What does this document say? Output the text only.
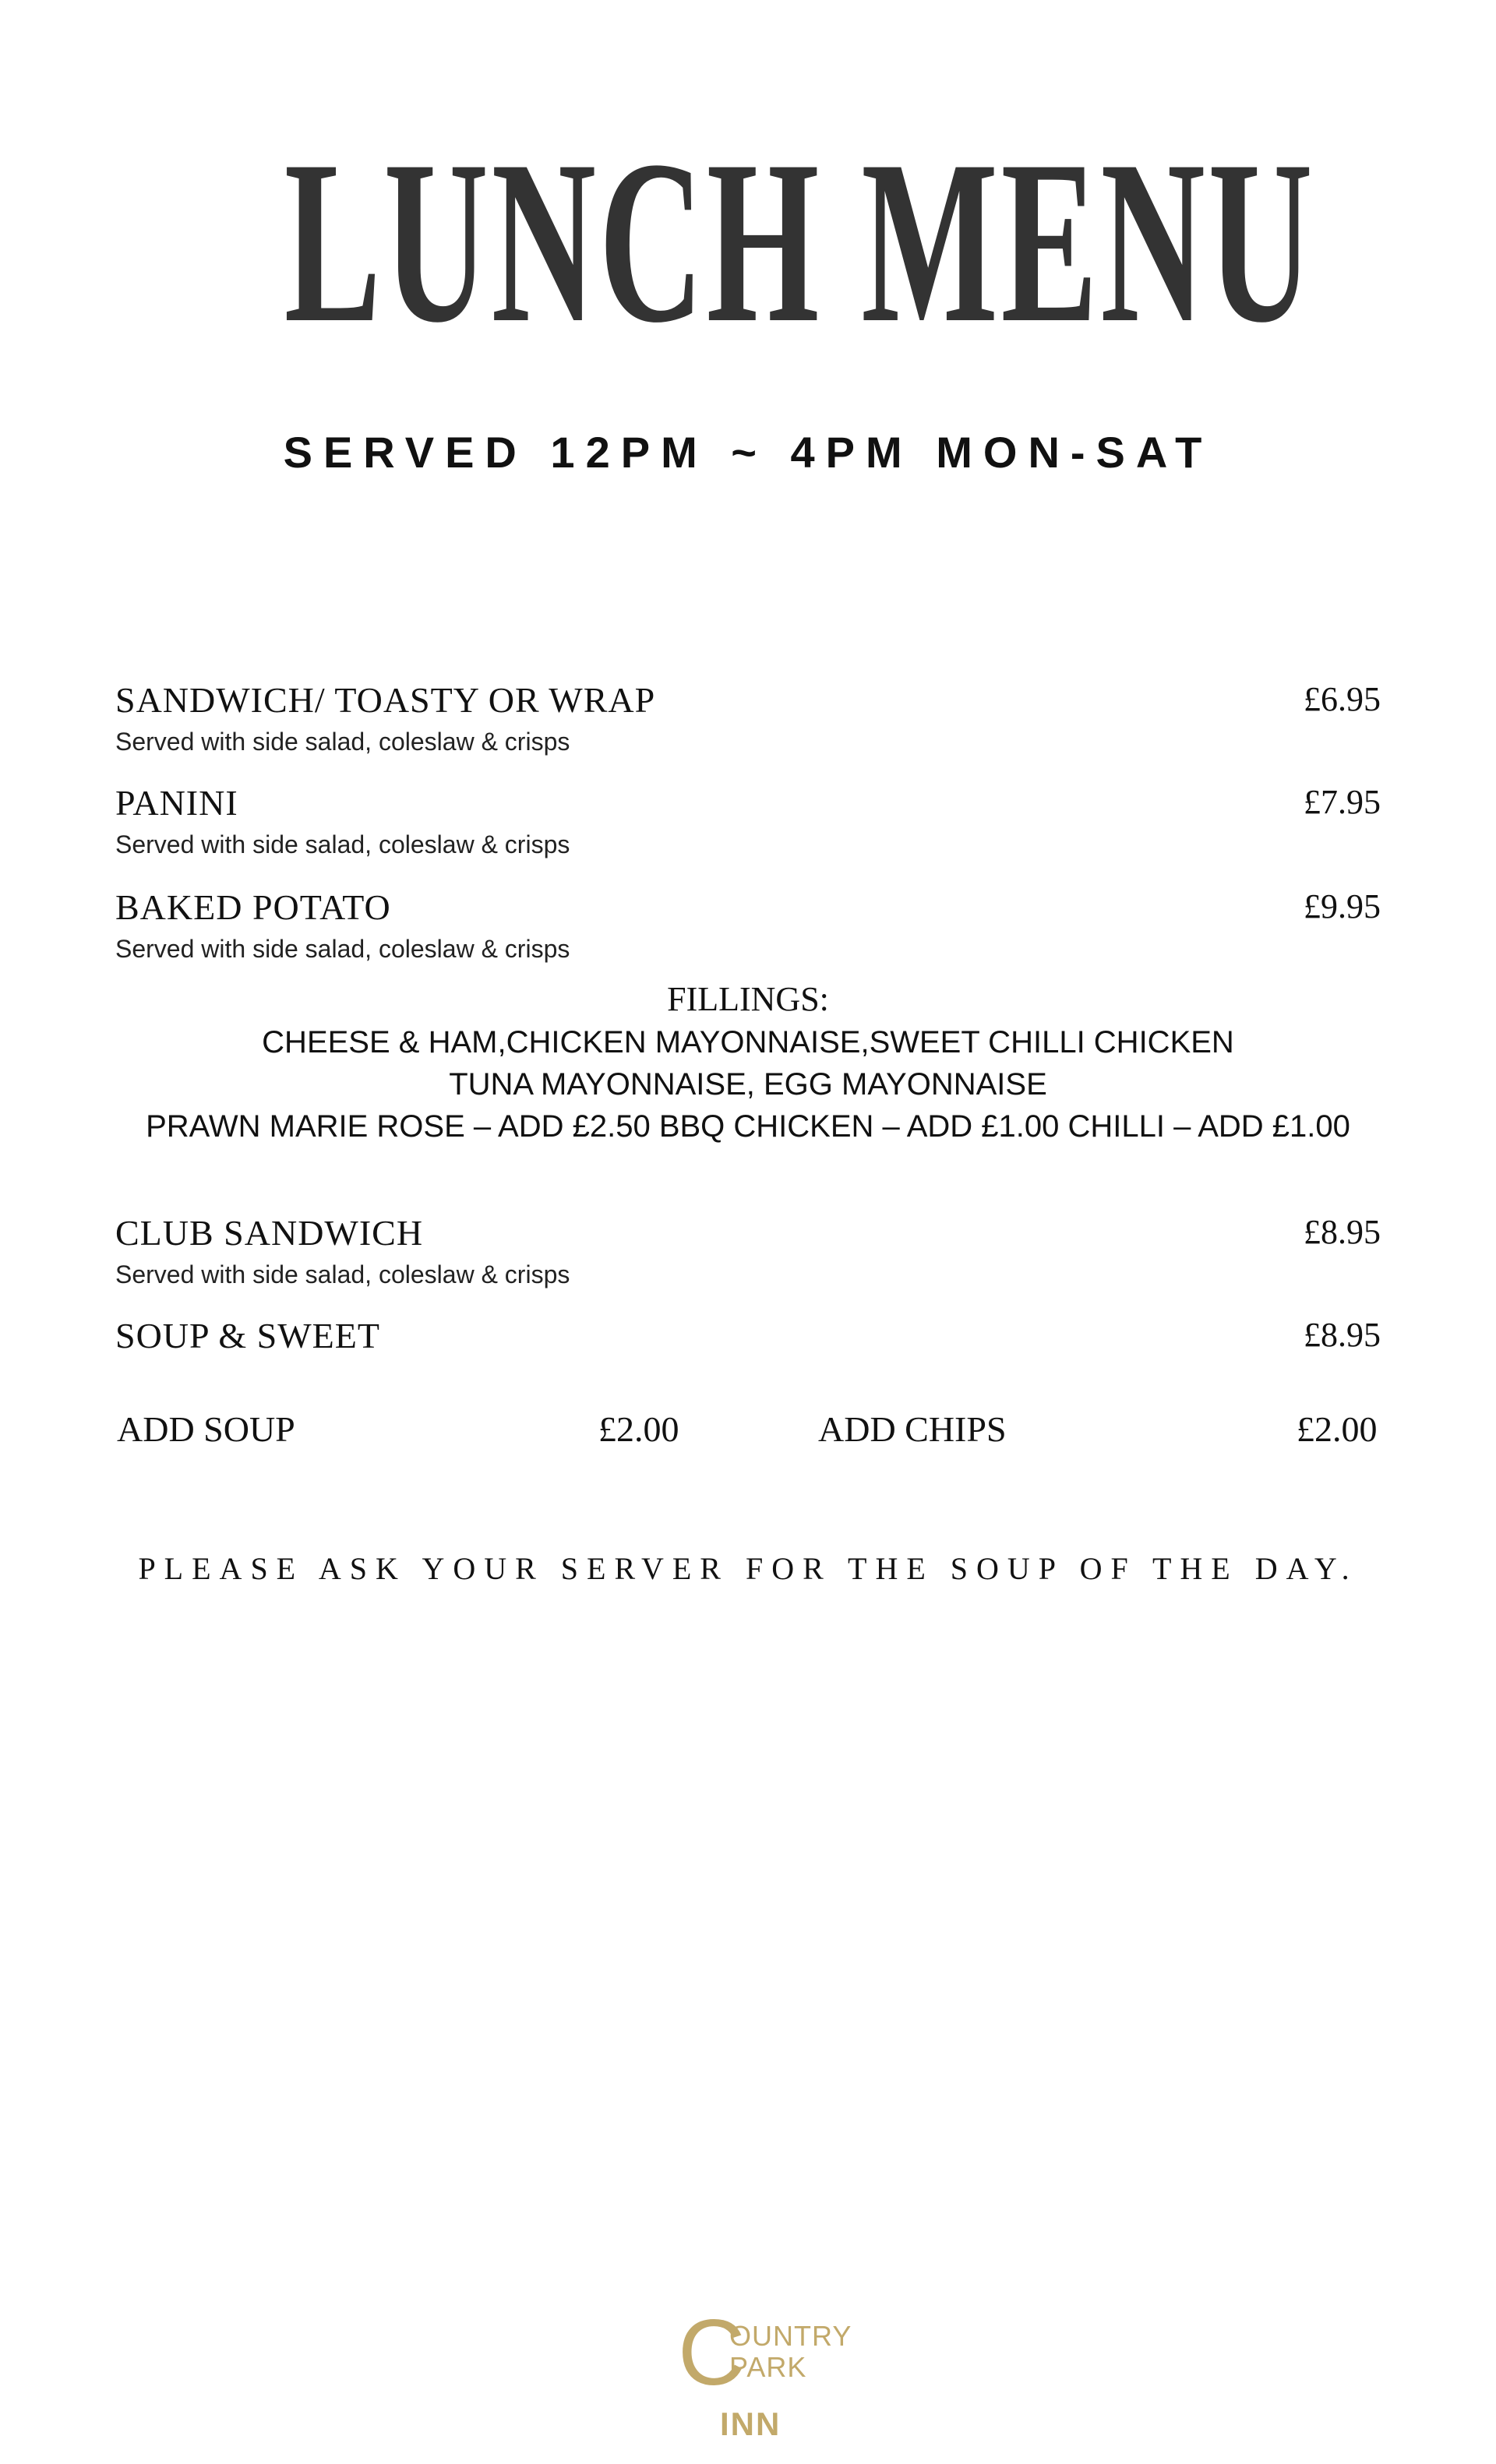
LUNCH MENU
SERVED 12PM ~ 4PM MON-SAT
SANDWICH/ TOASTY OR WRAP	£6.95
Served with side salad, coleslaw & crisps
PANINI	£7.95
Served with side salad, coleslaw & crisps
BAKED POTATO	£9.95
Served with side salad, coleslaw & crisps
FILLINGS:
CHEESE & HAM,CHICKEN MAYONNAISE,SWEET CHILLI CHICKEN
TUNA MAYONNAISE, EGG MAYONNAISE
PRAWN MARIE ROSE – ADD £2.50 BBQ CHICKEN – ADD £1.00 CHILLI – ADD £1.00
CLUB SANDWICH	£8.95
Served with side salad, coleslaw & crisps
SOUP & SWEET	£8.95
ADD SOUP	£2.00	ADD CHIPS	£2.00
PLEASE ASK YOUR SERVER FOR THE SOUP OF THE DAY.
C
OUNTRY
PARK
INN
